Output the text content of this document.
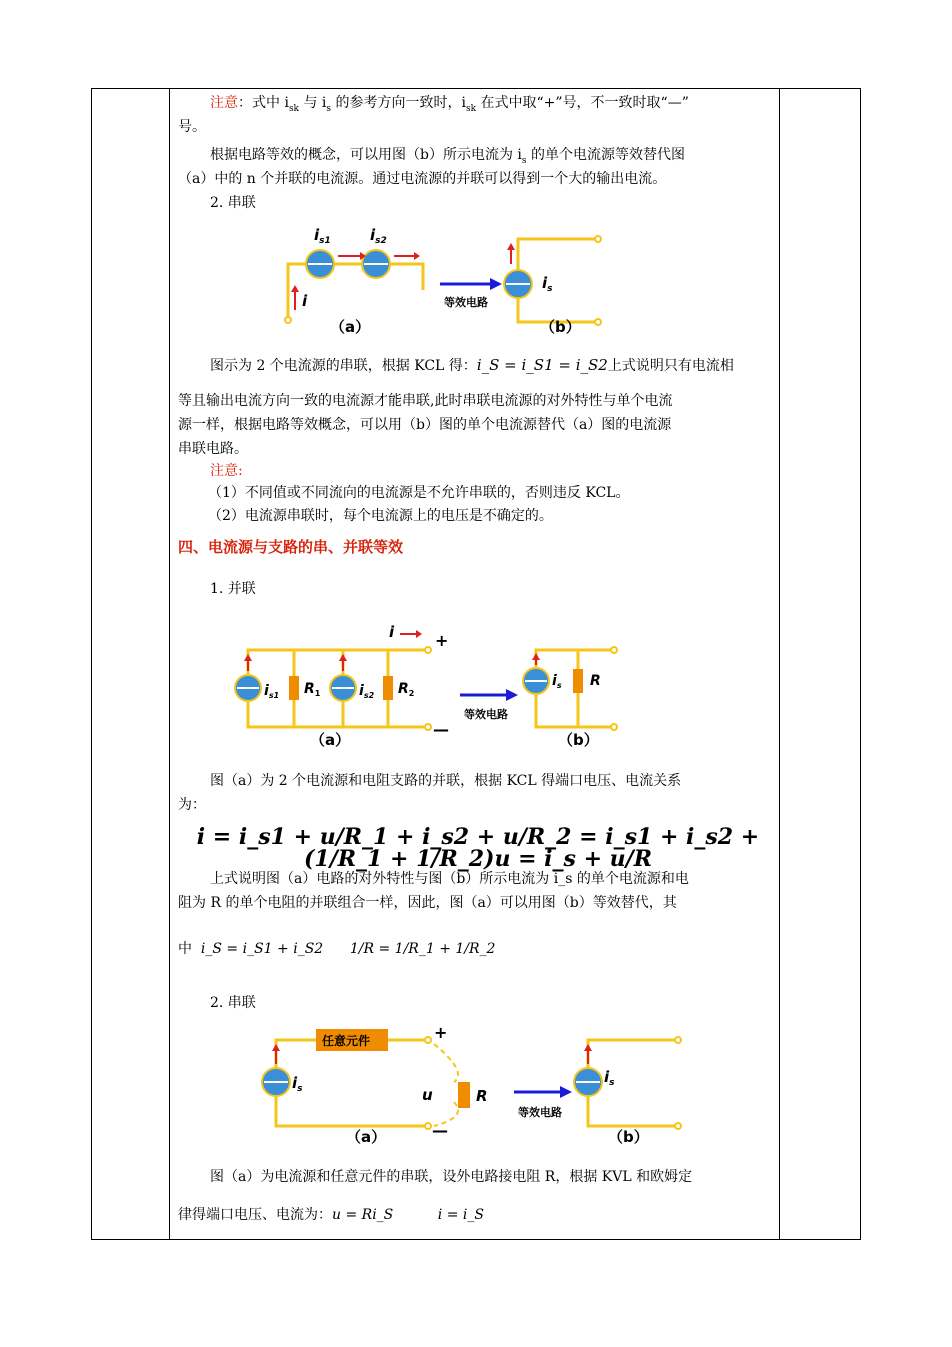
注意：式中 $i_{sk}$ 与 $i_s$ 的参考方向一致时，$i_{sk}$ 在式中取“+”号，不一致时取“—”

号。

根据电路等效的概念，可以用图（b）所示电流为 $i_s$ 的单个电流源等效替代图

（a）中的 n 个并联的电流源。通过电流源的并联可以得到一个大的输出电流。

2. 串联

$i_{s1}$	$i_{s2}$
i
（a）
等效电路
$i_s$
（b）

图示为 2 个电流源的串联，根据 KCL 得：i_S = i_S1 = i_S2上式说明只有电流相

等且输出电流方向一致的电流源才能串联,此时串联电流源的对外特性与单个电流

源一样，根据电路等效概念，可以用（b）图的单个电流源替代（a）图的电流源

串联电路。

注意:

（1）不同值或不同流向的电流源是不允许串联的，否则违反 KCL。

（2）电流源串联时，每个电流源上的电压是不确定的。

四、电流源与支路的串、并联等效

1. 并联

i	+
—
$i_{s1}$ $R_1$	$i_{s2}$ $R_2$
（a）
等效电路
$i_s$ R
（b）

图（a）为 2 个电流源和电阻支路的并联，根据 KCL 得端口电压、电流关系

为：

i = i_s1 + u/R_1 + i_s2 + u/R_2 = i_s1 + i_s2 + (1/R_1 + 1/R_2)u = i_s + u/R

上式说明图（a）电路的对外特性与图（b）所示电流为 i_s 的单个电流源和电

阻为 R 的单个电阻的并联组合一样，因此，图（a）可以用图（b）等效替代，其

中 i_S = i_S1 + i_S2 1/R = 1/R_1 + 1/R_2

2. 串联

任意元件
$i_s$	u	R
+
—
（a）
等效电路
$i_s$
（b）

图（a）为电流源和任意元件的串联，设外电路接电阻 R，根据 KVL 和欧姆定

律得端口电压、电流为：u = Ri_S	i = i_S
